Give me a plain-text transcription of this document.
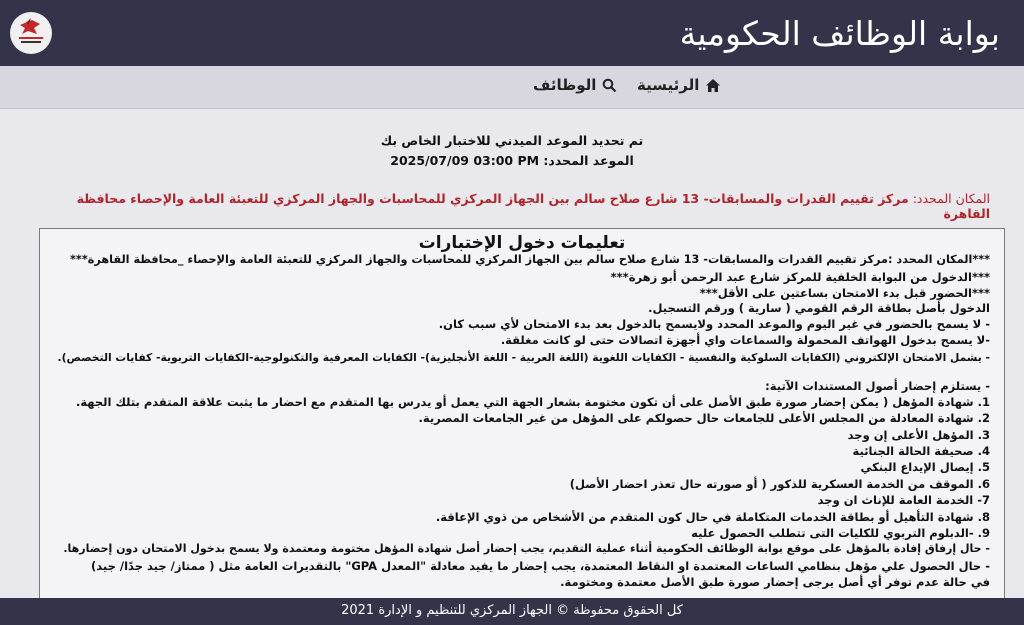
بوابة الوظائف الحكومية
الرئيسية
الوظائف
تم تحديد الموعد الميدني للاختبار الخاص بك
الموعد المحدد: 2025/07/09 03:00 PM
المكان المحدد: مركز تقييم القدرات والمسابقات- 13 شارع صلاح سالم بين الجهاز المركزي للمحاسبات والجهاز المركزي للتعبئة العامة والإحصاء محافظة القاهرة
تعليمات دخول الإختبارات
***المكان المحدد :مركز تقييم القدرات والمسابقات- 13 شارع صلاح سالم بين الجهاز المركزي للمحاسبات والجهاز المركزي للتعبئة العامة والإحصاء _محافظة القاهرة***
***الدخول من البوابة الخلفية للمركز شارع عبد الرحمن أبو زهرة***
***الحضور قبل بدء الامتحان بساعتين على الأقل***
الدخول بأصل بطاقة الرقم القومي ( سارية ) ورقم التسجيل.
- لا يسمح بالحضور في غير اليوم والموعد المحدد ولايسمح بالدخول بعد بدء الامتحان لأي سبب كان.
-لا يسمح بدخول الهواتف المحمولة والسماعات واي أجهزة اتصالات حتى لو كانت مغلقة.
- يشمل الامتحان الإلكتروني (الكفايات السلوكية والنفسية - الكفايات اللغوية (اللغة العربية - اللغة الأنجليزية)- الكفايات المعرفية والتكنولوجية-الكفايات التربوية- كفايات التخصص).
- يستلزم إحضار أصول المستندات الآتية:
1. شهادة المؤهل ( يمكن إحضار صورة طبق الأصل على أن تكون مختومة بشعار الجهة التي يعمل أو يدرس بها المتقدم مع احضار ما يثبت علاقة المتقدم بتلك الجهة.
2. شهادة المعادلة من المجلس الأعلى للجامعات حال حصولكم على المؤهل من غير الجامعات المصرية.
3. المؤهل الأعلى إن وجد
4. صحيفة الحالة الجنائية
5. إيصال الإيداع البنكي
6. الموقف من الخدمة العسكرية للذكور ( أو صورته حال تعذر احضار الأصل)
7- الخدمة العامة للإناث ان وجد
8. شهادة التأهيل أو بطاقة الخدمات المتكاملة في حال كون المتقدم من الأشخاص من ذوي الإعاقة.
9. -الدبلوم التربوي للكليات التى تتطلب الحصول عليه
- حال إرفاق إفادة بالمؤهل على موقع بوابة الوظائف الحكومية أثناء عملية التقديم، يجب إحضار أصل شهادة المؤهل مختومة ومعتمدة ولا يسمح بدخول الامتحان دون إحضارها.
- حال الحصول علي مؤهل بنظامي الساعات المعتمدة او النقاط المعتمدة، يجب إحضار ما يفيد معادلة "المعدل GPA" بالتقديرات العامة مثل ( ممتاز/ جيد جدًا/ جيد)
في حالة عدم توفر أي أصل يرجى إحضار صورة طبق الأصل معتمدة ومختومة.
كل الحقوق محفوظة © الجهاز المركزي للتنظيم و الإدارة 2021
